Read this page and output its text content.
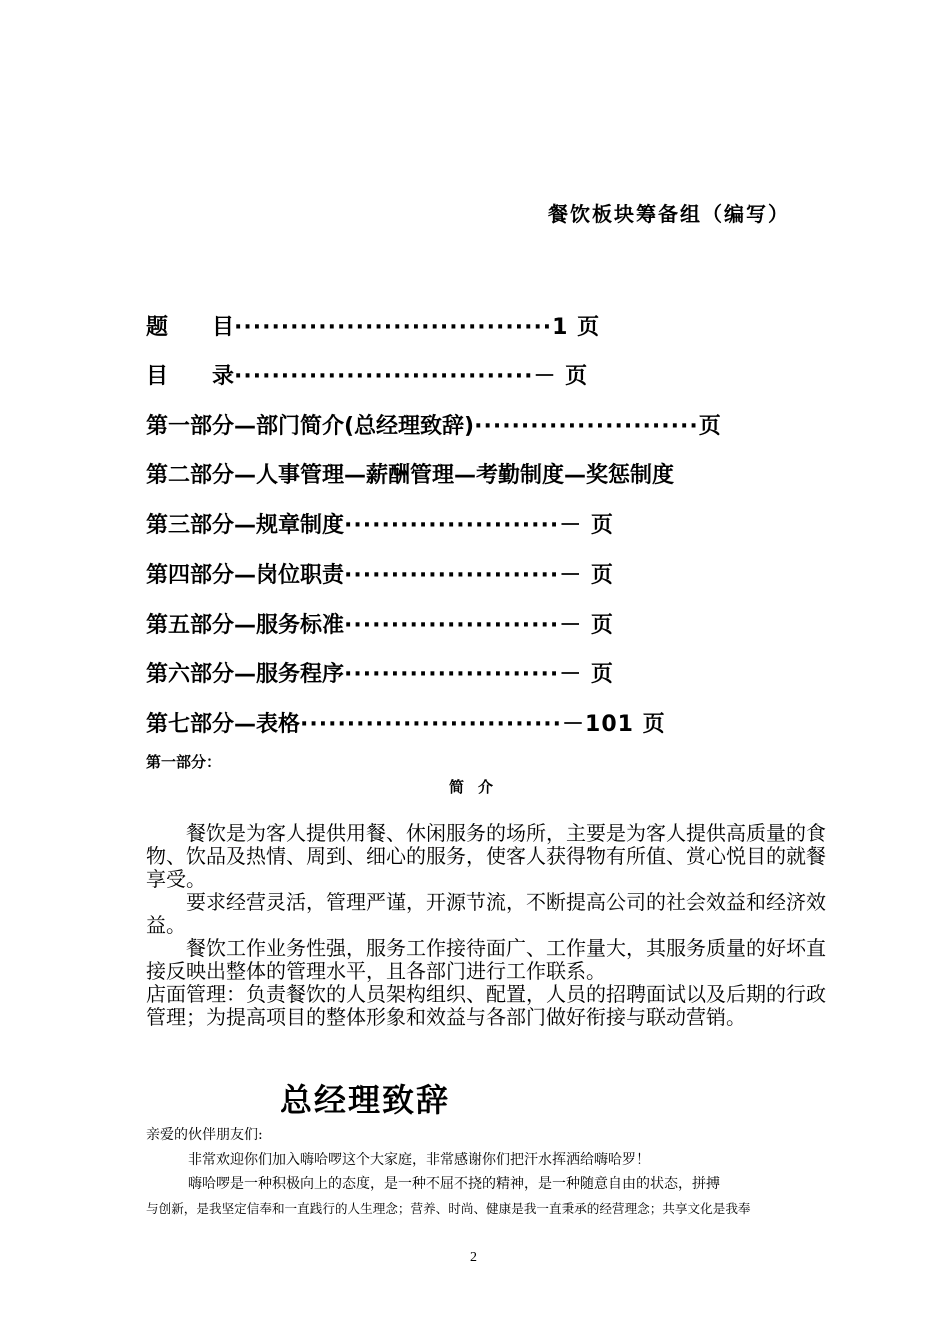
餐饮板块筹备组（编写）
题　　目··································1 页
目　　录································－ 页
第一部分—部门简介(总经理致辞)························页
第二部分—人事管理—薪酬管理—考勤制度—奖惩制度
第三部分—规章制度·······················－ 页
第四部分—岗位职责·······················－ 页
第五部分—服务标准·······················－ 页
第六部分—服务程序·······················－ 页
第七部分—表格····························－101 页
第一部分：
简介

　　餐饮是为客人提供用餐、休闲服务的场所，主要是为客人提供高质量的食物、饮品及热情、周到、细心的服务，使客人获得物有所值、赏心悦目的就餐享受。

　　要求经营灵活，管理严谨，开源节流，不断提高公司的社会效益和经济效益。

　　餐饮工作业务性强，服务工作接待面广、工作量大，其服务质量的好坏直接反映出整体的管理水平，且各部门进行工作联系。

店面管理：负责餐饮的人员架构组织、配置，人员的招聘面试以及后期的行政管理；为提高项目的整体形象和效益与各部门做好衔接与联动营销。

总经理致辞
亲爱的伙伴朋友们:
非常欢迎你们加入嗨哈啰这个大家庭，非常感谢你们把汗水挥洒给嗨哈罗！
嗨哈啰是一种积极向上的态度，是一种不屈不挠的精神，是一种随意自由的状态，拼搏
与创新，是我坚定信奉和一直践行的人生理念；营养、时尚、健康是我一直秉承的经营理念；共享文化是我奉
2
